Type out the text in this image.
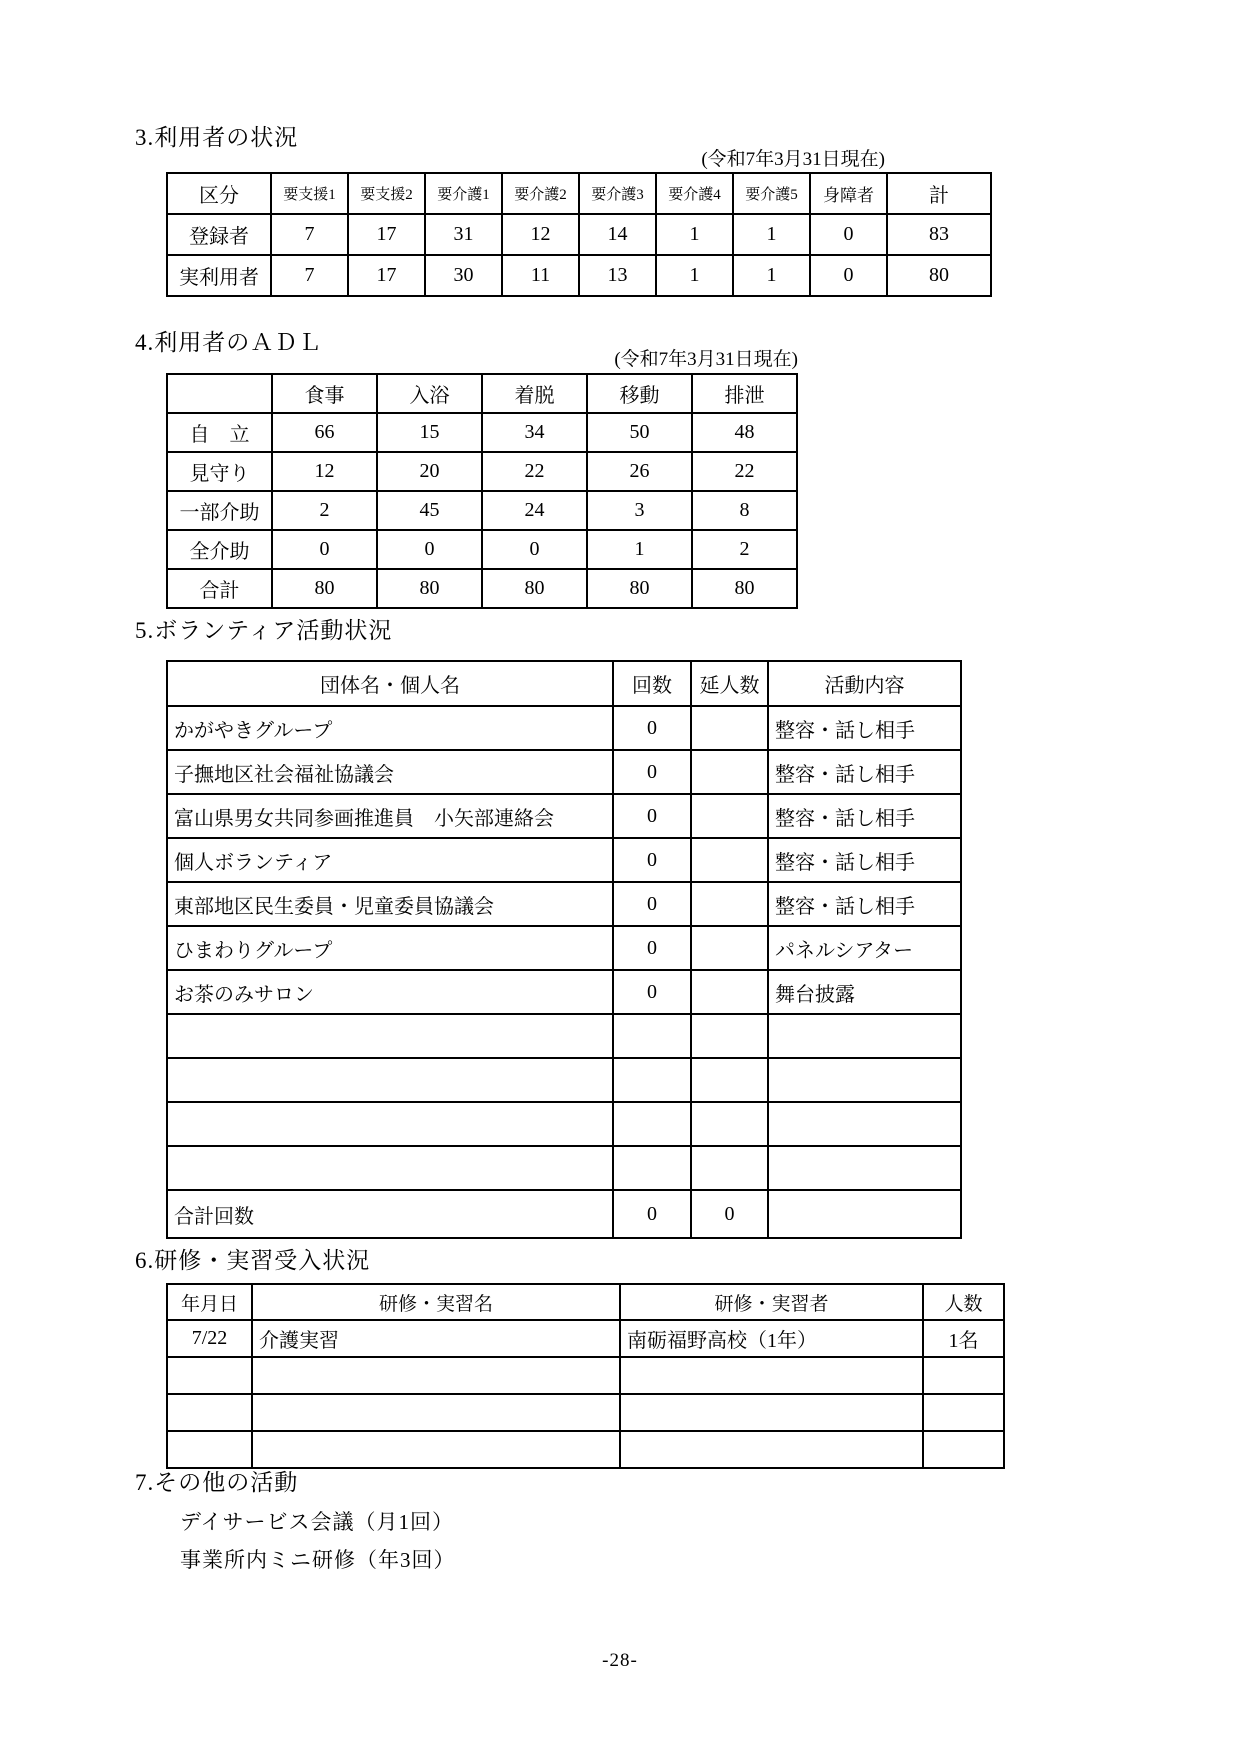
3.利用者の状況
(令和7年3月31日現在)
区分	要支援1	要支援2	要介護1	要介護2	要介護3	要介護4	要介護5	身障者	計
登録者	7	17	31	12	14	1	1	0	83
実利用者	7	17	30	11	13	1	1	0	80
4.利用者のＡＤＬ
(令和7年3月31日現在)
	食事	入浴	着脱	移動	排泄
自　立	66	15	34	50	48
見守り	12	20	22	26	22
一部介助	2	45	24	3	8
全介助	0	0	0	1	2
合計	80	80	80	80	80
5.ボランティア活動状況
団体名・個人名	回数	延人数	活動内容
かがやきグループ	0		整容・話し相手
子撫地区社会福祉協議会	0		整容・話し相手
富山県男女共同参画推進員　小矢部連絡会	0		整容・話し相手
個人ボランティア	0		整容・話し相手
東部地区民生委員・児童委員協議会	0		整容・話し相手
ひまわりグループ	0		パネルシアター
お茶のみサロン	0		舞台披露

合計回数	0	0	
6.研修・実習受入状況
年月日	研修・実習名	研修・実習者	人数
7/22	介護実習	南砺福野高校（1年）	1名

7.その他の活動
デイサービス会議（月1回）
事業所内ミニ研修（年3回）
-28-
